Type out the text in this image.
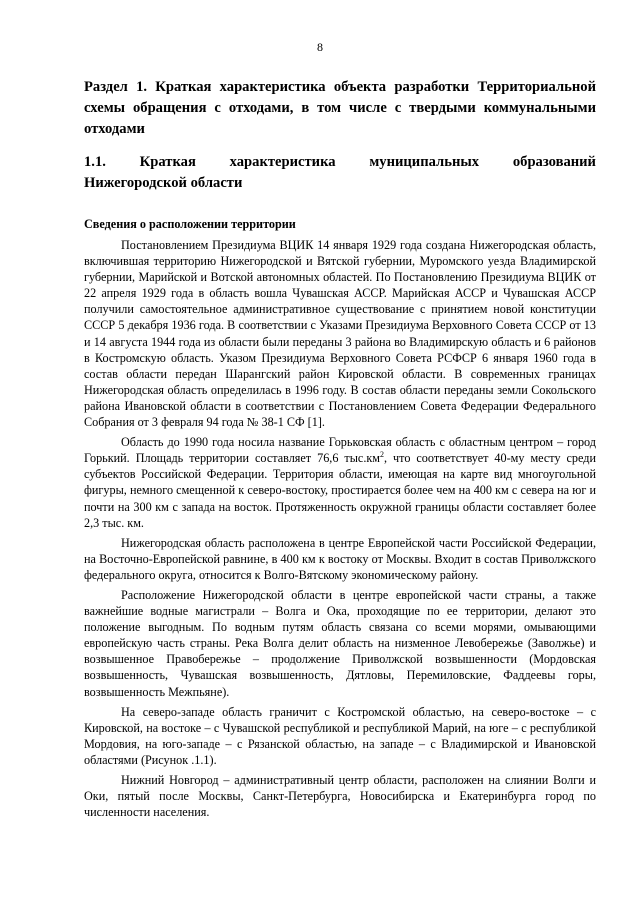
8
Раздел 1. Краткая характеристика объекта разработки Территориальной схемы обращения с отходами, в том числе с твердыми коммунальными отходами
1.1. Краткая характеристика муниципальных образований
Нижегородской области
Сведения о расположении территории

Постановлением Президиума ВЦИК 14 января 1929 года создана Нижегородская область, включившая территорию Нижегородской и Вятской губернии, Муромского уезда Владимирской губернии, Марийской и Вотской автономных областей. По Постановлению Президиума ВЦИК от 22 апреля 1929 года в область вошла Чувашская АССР. Марийская АССР и Чувашская АССР получили самостоятельное административное существование с принятием новой конституции СССР 5 декабря 1936 года. В соответствии с Указами Президиума Верховного Совета СССР от 13 и 14 августа 1944 года из области были переданы 3 района во Владимирскую область и 6 районов в Костромскую область. Указом Президиума Верховного Совета РСФСР 6 января 1960 года в состав области передан Шарангский район Кировской области. В современных границах Нижегородская область определилась в 1996 году. В состав области переданы земли Сокольского района Ивановской области в соответствии с Постановлением Совета Федерации Федерального Собрания от 3 февраля 94 года № 38-1 СФ [1].

Область до 1990 года носила название Горьковская область с областным центром – город Горький. Площадь территории составляет 76,6 $тыс.км^2$, что соответствует 40-му месту среди субъектов Российской Федерации. Территория области, имеющая на карте вид многоугольной фигуры, немного смещенной к северо-востоку, простирается более чем на 400 км с севера на юг и почти на 300 км с запада на восток. Протяженность окружной границы области составляет более 2,3 тыс. км.

Нижегородская область расположена в центре Европейской части Российской Федерации, на Восточно-Европейской равнине, в 400 км к востоку от Москвы. Входит в состав Приволжского федерального округа, относится к Волго-Вятскому экономическому району.

Расположение Нижегородской области в центре европейской части страны, а также важнейшие водные магистрали – Волга и Ока, проходящие по ее территории, делают это положение выгодным. По водным путям область связана со всеми морями, омывающими европейскую часть страны. Река Волга делит область на низменное Левобережье (Заволжье) и возвышенное Правобережье – продолжение Приволжской возвышенности (Мордовская возвышенность, Чувашская возвышенность, Дятловы, Перемиловские, Фаддеевы горы, возвышенность Межпьяне).

На северо-западе область граничит с Костромской областью, на северо-востоке – с Кировской, на востоке – с Чувашской республикой и республикой Марий, на юге – с республикой Мордовия, на юго-западе – с Рязанской областью, на западе – с Владимирской и Ивановской областями (Рисунок .1.1).

Нижний Новгород – административный центр области, расположен на слиянии Волги и Оки, пятый после Москвы, Санкт-Петербурга, Новосибирска и Екатеринбурга город по численности населения.
